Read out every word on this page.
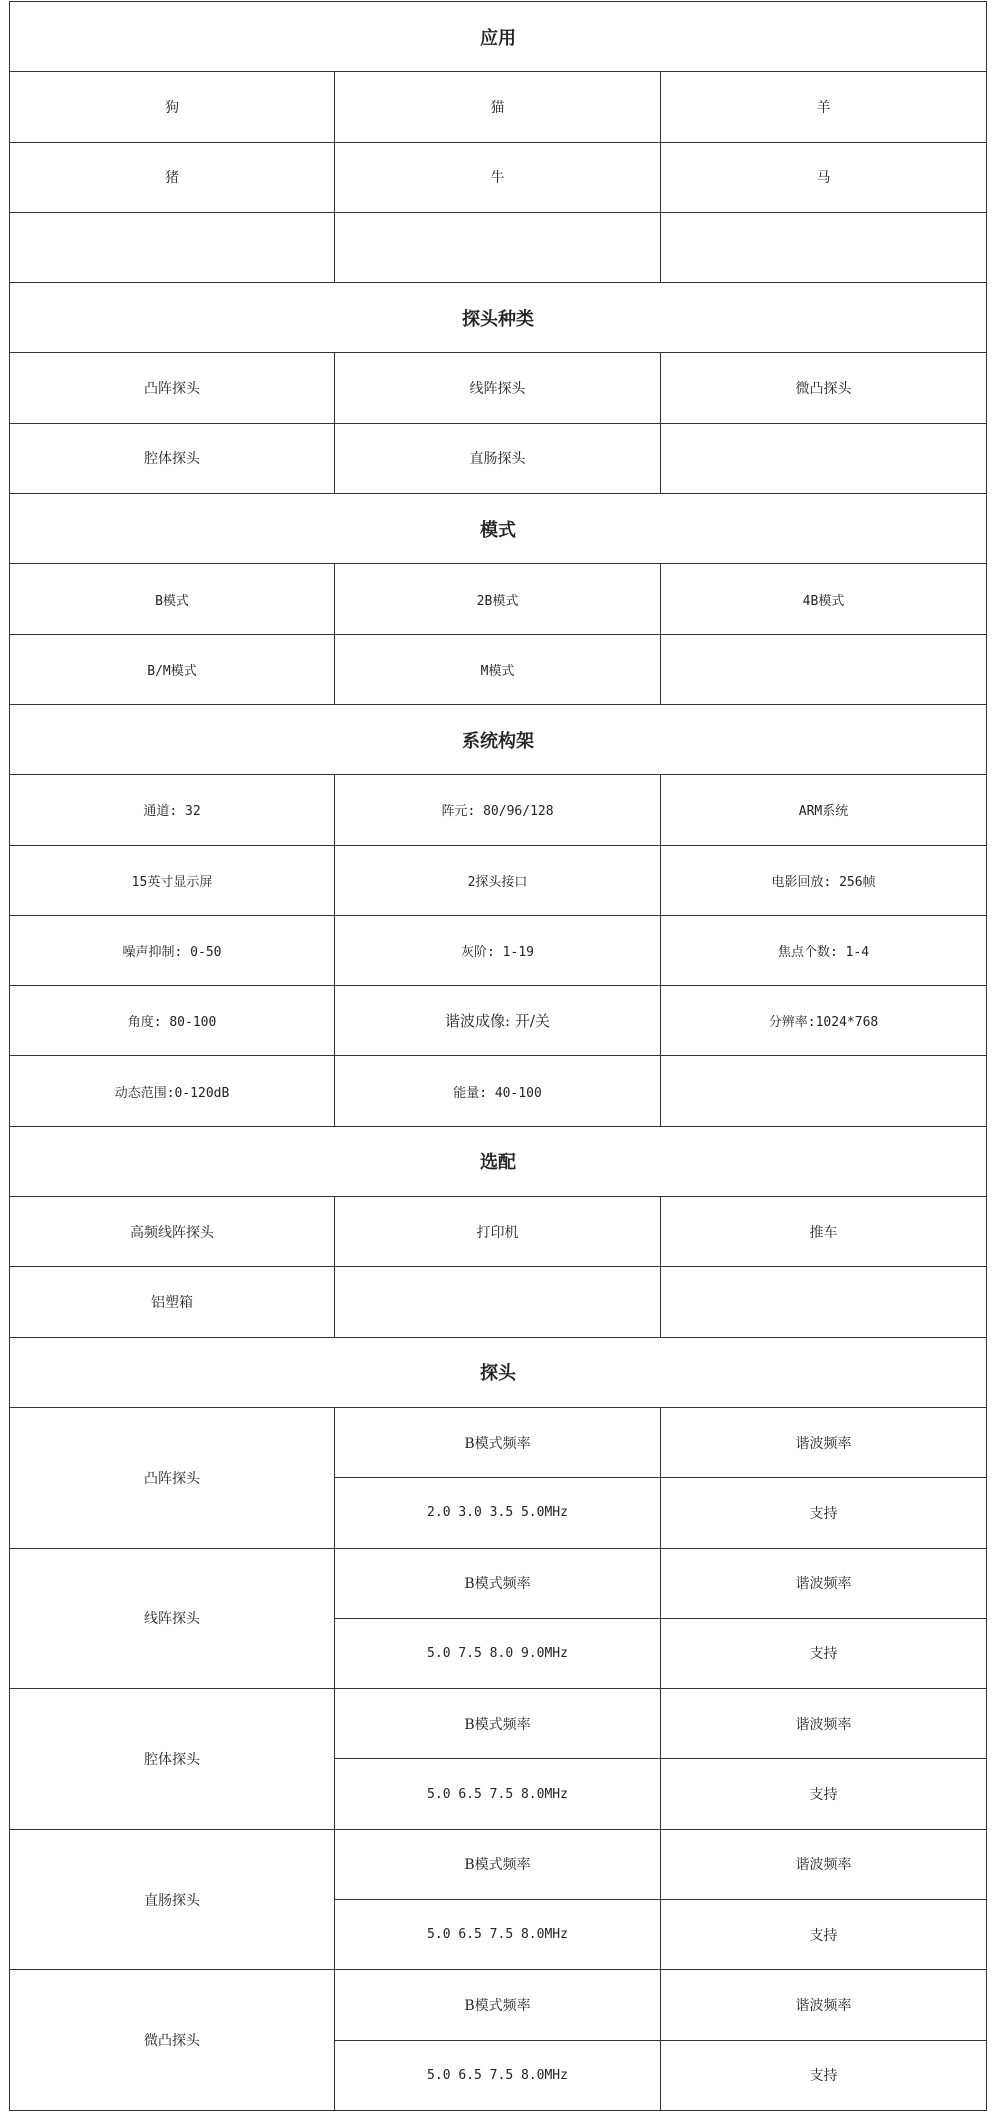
应用		
狗	猫	羊
猪	牛	马

探头种类		
凸阵探头	线阵探头	微凸探头
腔体探头	直肠探头	
模式		
B模式	2B模式	4B模式
B/M模式	M模式	
系统构架		
通道: 32	阵元: 80/96/128	ARM系统
15英寸显示屏	2探头接口	电影回放: 256帧
噪声抑制: 0-50	灰阶: 1-19	焦点个数: 1-4
角度: 80-100	谐波成像: 开/关	分辨率:1024*768
动态范围:0-120dB	能量: 40-100	
选配		
高频线阵探头	打印机	推车
铝塑箱		
探头		
凸阵探头	B模式频率	谐波频率
	2.0 3.0 3.5 5.0MHz	支持
线阵探头	B模式频率	谐波频率
	5.0 7.5 8.0 9.0MHz	支持
腔体探头	B模式频率	谐波频率
	5.0 6.5 7.5 8.0MHz	支持
直肠探头	B模式频率	谐波频率
	5.0 6.5 7.5 8.0MHz	支持
微凸探头	B模式频率	谐波频率
	5.0 6.5 7.5 8.0MHz	支持
